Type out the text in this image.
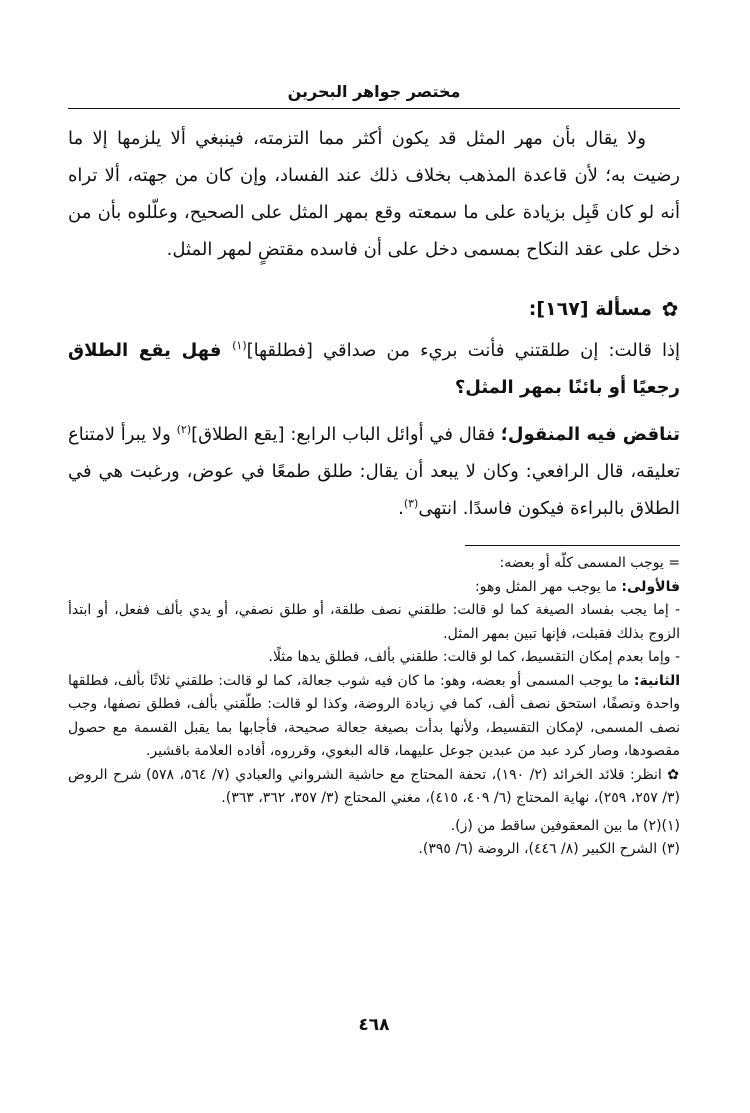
مختصر جواهر البحرين

ولا يقال بأن مهر المثل قد يكون أكثر مما التزمته، فينبغي ألا يلزمها إلا ما رضيت به؛ لأن قاعدة المذهب بخلاف ذلك عند الفساد، وإن كان من جهته، ألا تراه أنه لو كان قَبِل بزيادة على ما سمعته وقع بمهر المثل على الصحيح، وعلّلوه بأن من دخل على عقد النكاح بمسمى دخل على أن فاسده مقتضٍ لمهر المثل.

✿
مسألة [١٦٧]:

إذا قالت: إن طلقتني فأنت بريء من صداقي [فطلقها]$^{(١)}$ فهل يقع الطلاق رجعيًا أو بائنًا بمهر المثل؟

تناقض فيه المنقول؛ فقال في أوائل الباب الرابع: [يقع الطلاق]$^{(٢)}$ ولا يبرأ لامتناع تعليقه، قال الرافعي: وكان لا يبعد أن يقال: طلق طمعًا في عوض، ورغبت هي في الطلاق بالبراءة فيكون فاسدًا. انتهى$^{(٣)}$.

= يوجب المسمى كلّه أو بعضه:

فالأولى: ما يوجب مهر المثل وهو:

- إما يجب بفساد الصيغة كما لو قالت: طلقني نصف طلقة، أو طلق نصفي، أو يدي بألف ففعل، أو ابتدأ الزوج بذلك فقبلت، فإنها تبين بمهر المثل.

- وإما بعدم إمكان التقسيط، كما لو قالت: طلقني بألف، فطلق يدها مثلًا.

الثانية: ما يوجب المسمى أو بعضه، وهو: ما كان فيه شوب جعالة، كما لو قالت: طلقني ثلاثًا بألف، فطلقها واحدة ونصفًا، استحق نصف ألف، كما في زيادة الروضة، وكذا لو قالت: طلّقني بألف، فطلق نصفها، وجب نصف المسمى، لإمكان التقسيط، ولأنها بدأت بصيغة جعالة صحيحة، فأجابها بما يقبل القسمة مع حصول مقصودها، وصار كرد عبد من عبدين جوعل عليهما، قاله البغوي، وقرروه، أفاده العلامة باقشير.

✿ انظر: قلائد الخرائد (٢/ ١٩٠)، تحفة المحتاج مع حاشية الشرواني والعبادي (٧/ ٥٦٤، ٥٧٨) شرح الروض (٣/ ٢٥٧، ٢٥٩)، نهاية المحتاج (٦/ ٤٠٩، ٤١٥)، مغني المحتاج (٣/ ٣٥٧، ٣٦٢، ٣٦٣).

(١)(٢) ما بين المعقوفين ساقط من (ز).

(٣) الشرح الكبير (٨/ ٤٤٦)، الروضة (٦/ ٣٩٥).

٤٦٨
